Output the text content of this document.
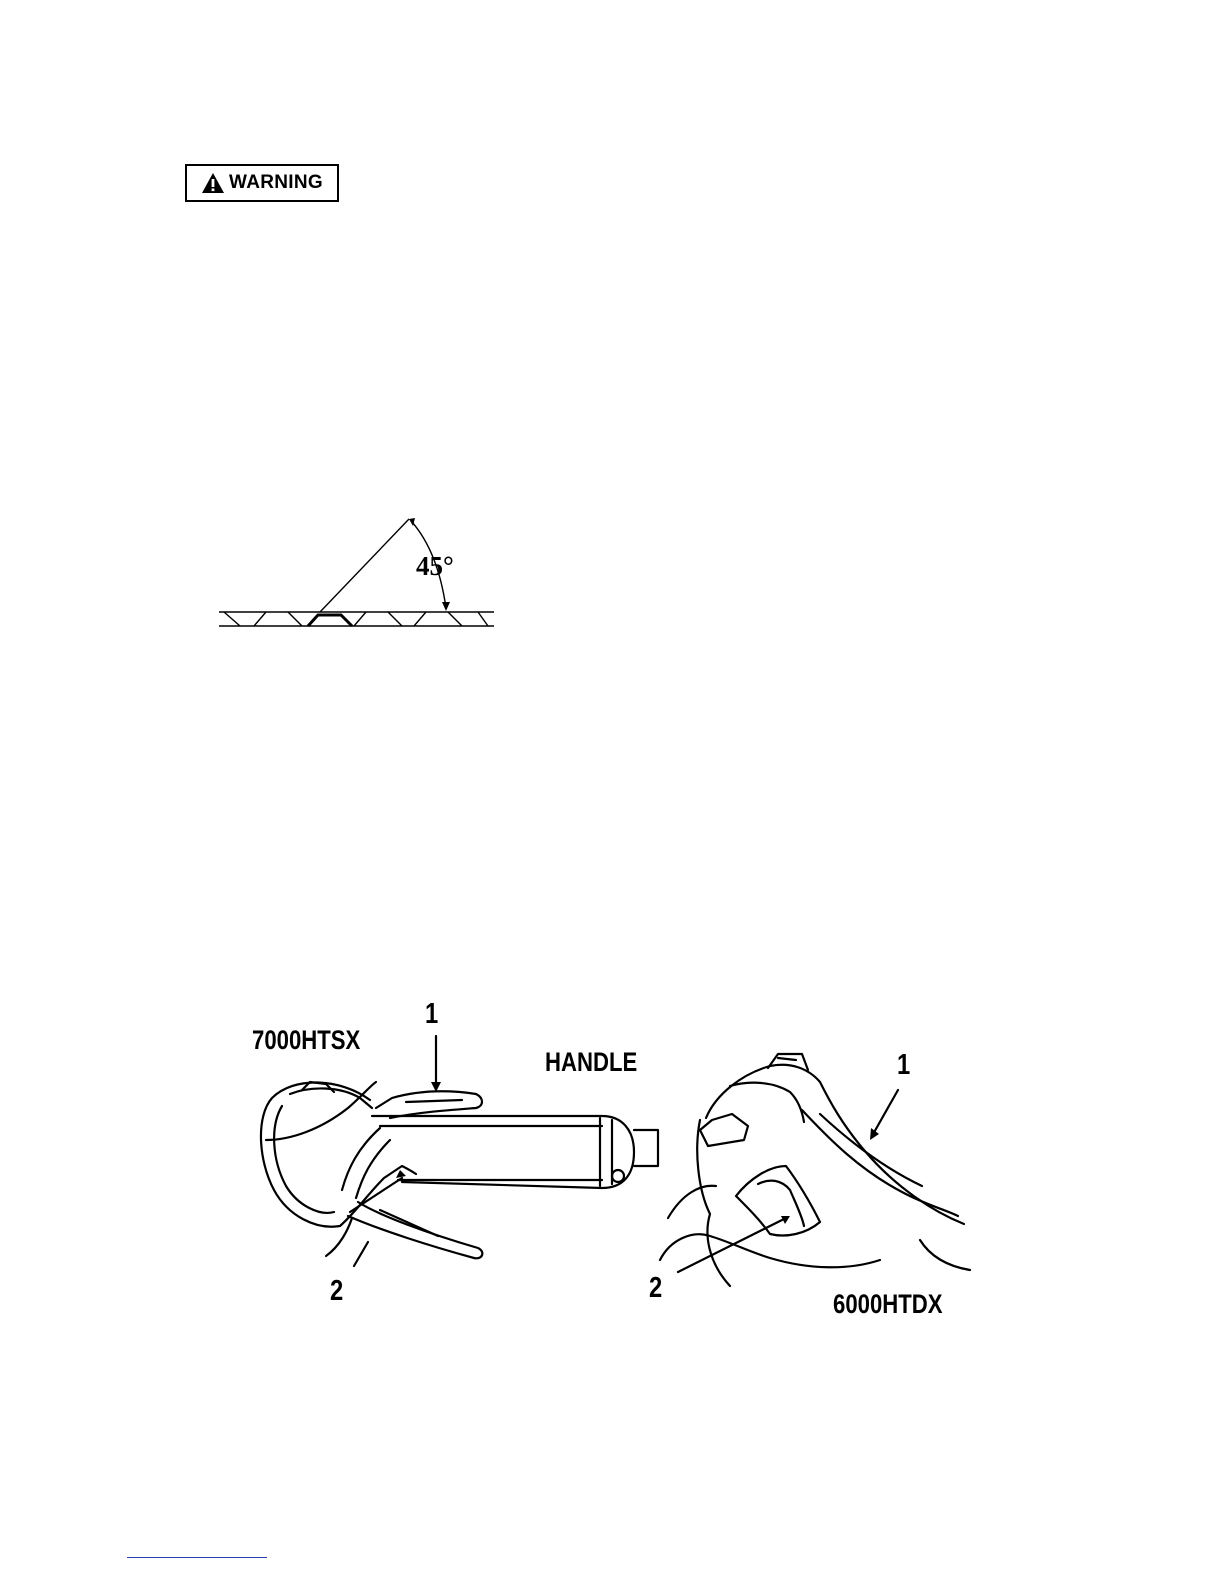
WARNING
45°
7000HTSX
HANDLE
6000HTDX
1
2
1
2
